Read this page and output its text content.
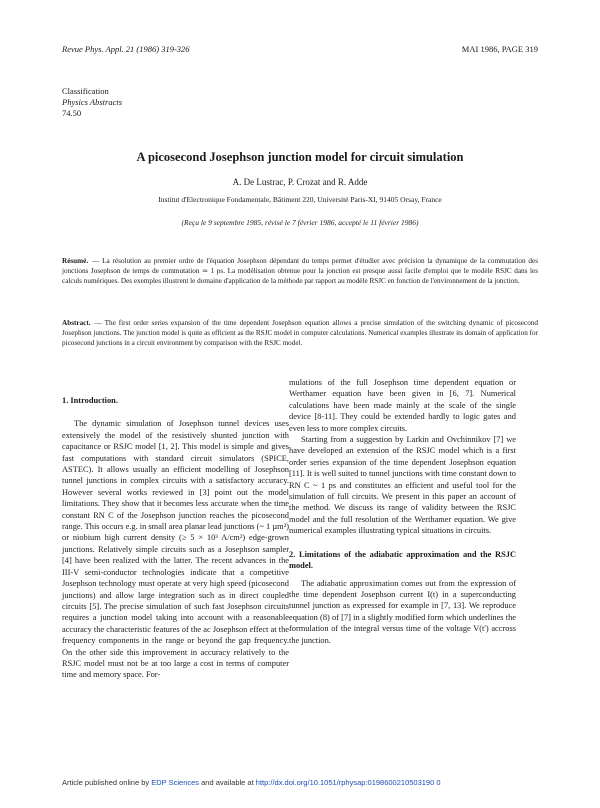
Revue Phys. Appl. 21 (1986) 319-326	MAI 1986, PAGE 319
Classification
Physics Abstracts
74.50
A picosecond Josephson junction model for circuit simulation
A. De Lustrac, P. Crozat and R. Adde
Institut d'Electronique Fondamentale, Bâtiment 220, Université Paris-XI, 91405 Orsay, France
(Reçu le 9 septembre 1985, révisé le 7 février 1986, accepté le 11 février 1986)
Résumé. — La résolution au premier ordre de l'équation Josephson dépendant du temps permet d'étudier avec précision la dynamique de la commutation des jonctions Josephson de temps de commutation ≃ 1 ps. La modélisation obtenue pour la jonction est presque aussi facile d'emploi que le modèle RSJC dans les calculs numériques. Des exemples illustrent le domaine d'application de la méthode par rapport au modèle RSJC en fonction de l'environnement de la jonction.
Abstract. — The first order series expansion of the time dependent Josephson equation allows a precise simulation of the switching dynamic of picosecond Josephson junctions. The junction model is quite as efficient as the RSJC model in computer calculations. Numerical examples illustrate its domain of application for picosecond junctions in a circuit environment by comparison with the RSJC model.
1. Introduction.

The dynamic simulation of Josephson tunnel devices uses extensively the model of the resistively shunted junction with capacitance or RSJC model [1, 2]. This model is simple and gives fast computations with standard circuit simulators (SPICE, ASTEC). It allows usually an efficient modelling of Josephson tunnel junctions in complex circuits with a satisfactory accuracy. However several works reviewed in [3] point out the model limitations. They show that it becomes less accurate when the time constant RN C of the Josephson junction reaches the picosecond range. This occurs e.g. in small area planar lead junctions (~ 1 µm²) or niobium high current density (≥ 5 × 10³ A/cm²) edge-grown junctions. Relatively simple circuits such as a Josephson sampler [4] have been realized with the latter. The recent advances in the III-V semi-conductor technologies indicate that a competitive Josephson technology must operate at very high speed (picosecond junctions) and allow large integration such as in direct coupled circuits [5]. The precise simulation of such fast Josephson circuits requires a junction model taking into account with a reasonable accuracy the characteristic features of the ac Josephson effect at the frequency components in the range or beyond the gap frequency. On the other side this improvement in accuracy relatively to the RSJC model must not be at too large a cost in terms of computer time and memory space. For-

mulations of the full Josephson time dependent equation or Werthamer equation have been given in [6, 7]. Numerical calculations have been made mainly at the scale of the single device [8-11]. They could be extended hardly to logic gates and even less to more complex circuits.

Starting from a suggestion by Larkin and Ovchinnikov [7] we have developed an extension of the RSJC model which is a first order series expansion of the time dependent Josephson equation [11]. It is well suited to tunnel junctions with time constant down to RN C ~ 1 ps and constitutes an efficient and useful tool for the simulation of full circuits. We present in this paper an account of the method. We discuss its range of validity between the RSJC model and the full resolution of the Werthamer equation. We give numerical examples illustrating typical situations in circuits.

2. Limitations of the adiabatic approximation and the RSJC model.

The adiabatic approximation comes out from the expression of the time dependent Josephson current I(t) in a superconducting tunnel junction as expressed for example in [7, 13]. We reproduce equation (8) of [7] in a slightly modified form which underlines the formulation of the integral versus time of the voltage V(t') accross the junction.

Article published online by EDP Sciences and available at http://dx.doi.org/10.1051/rphysap:0198600210503190 0
